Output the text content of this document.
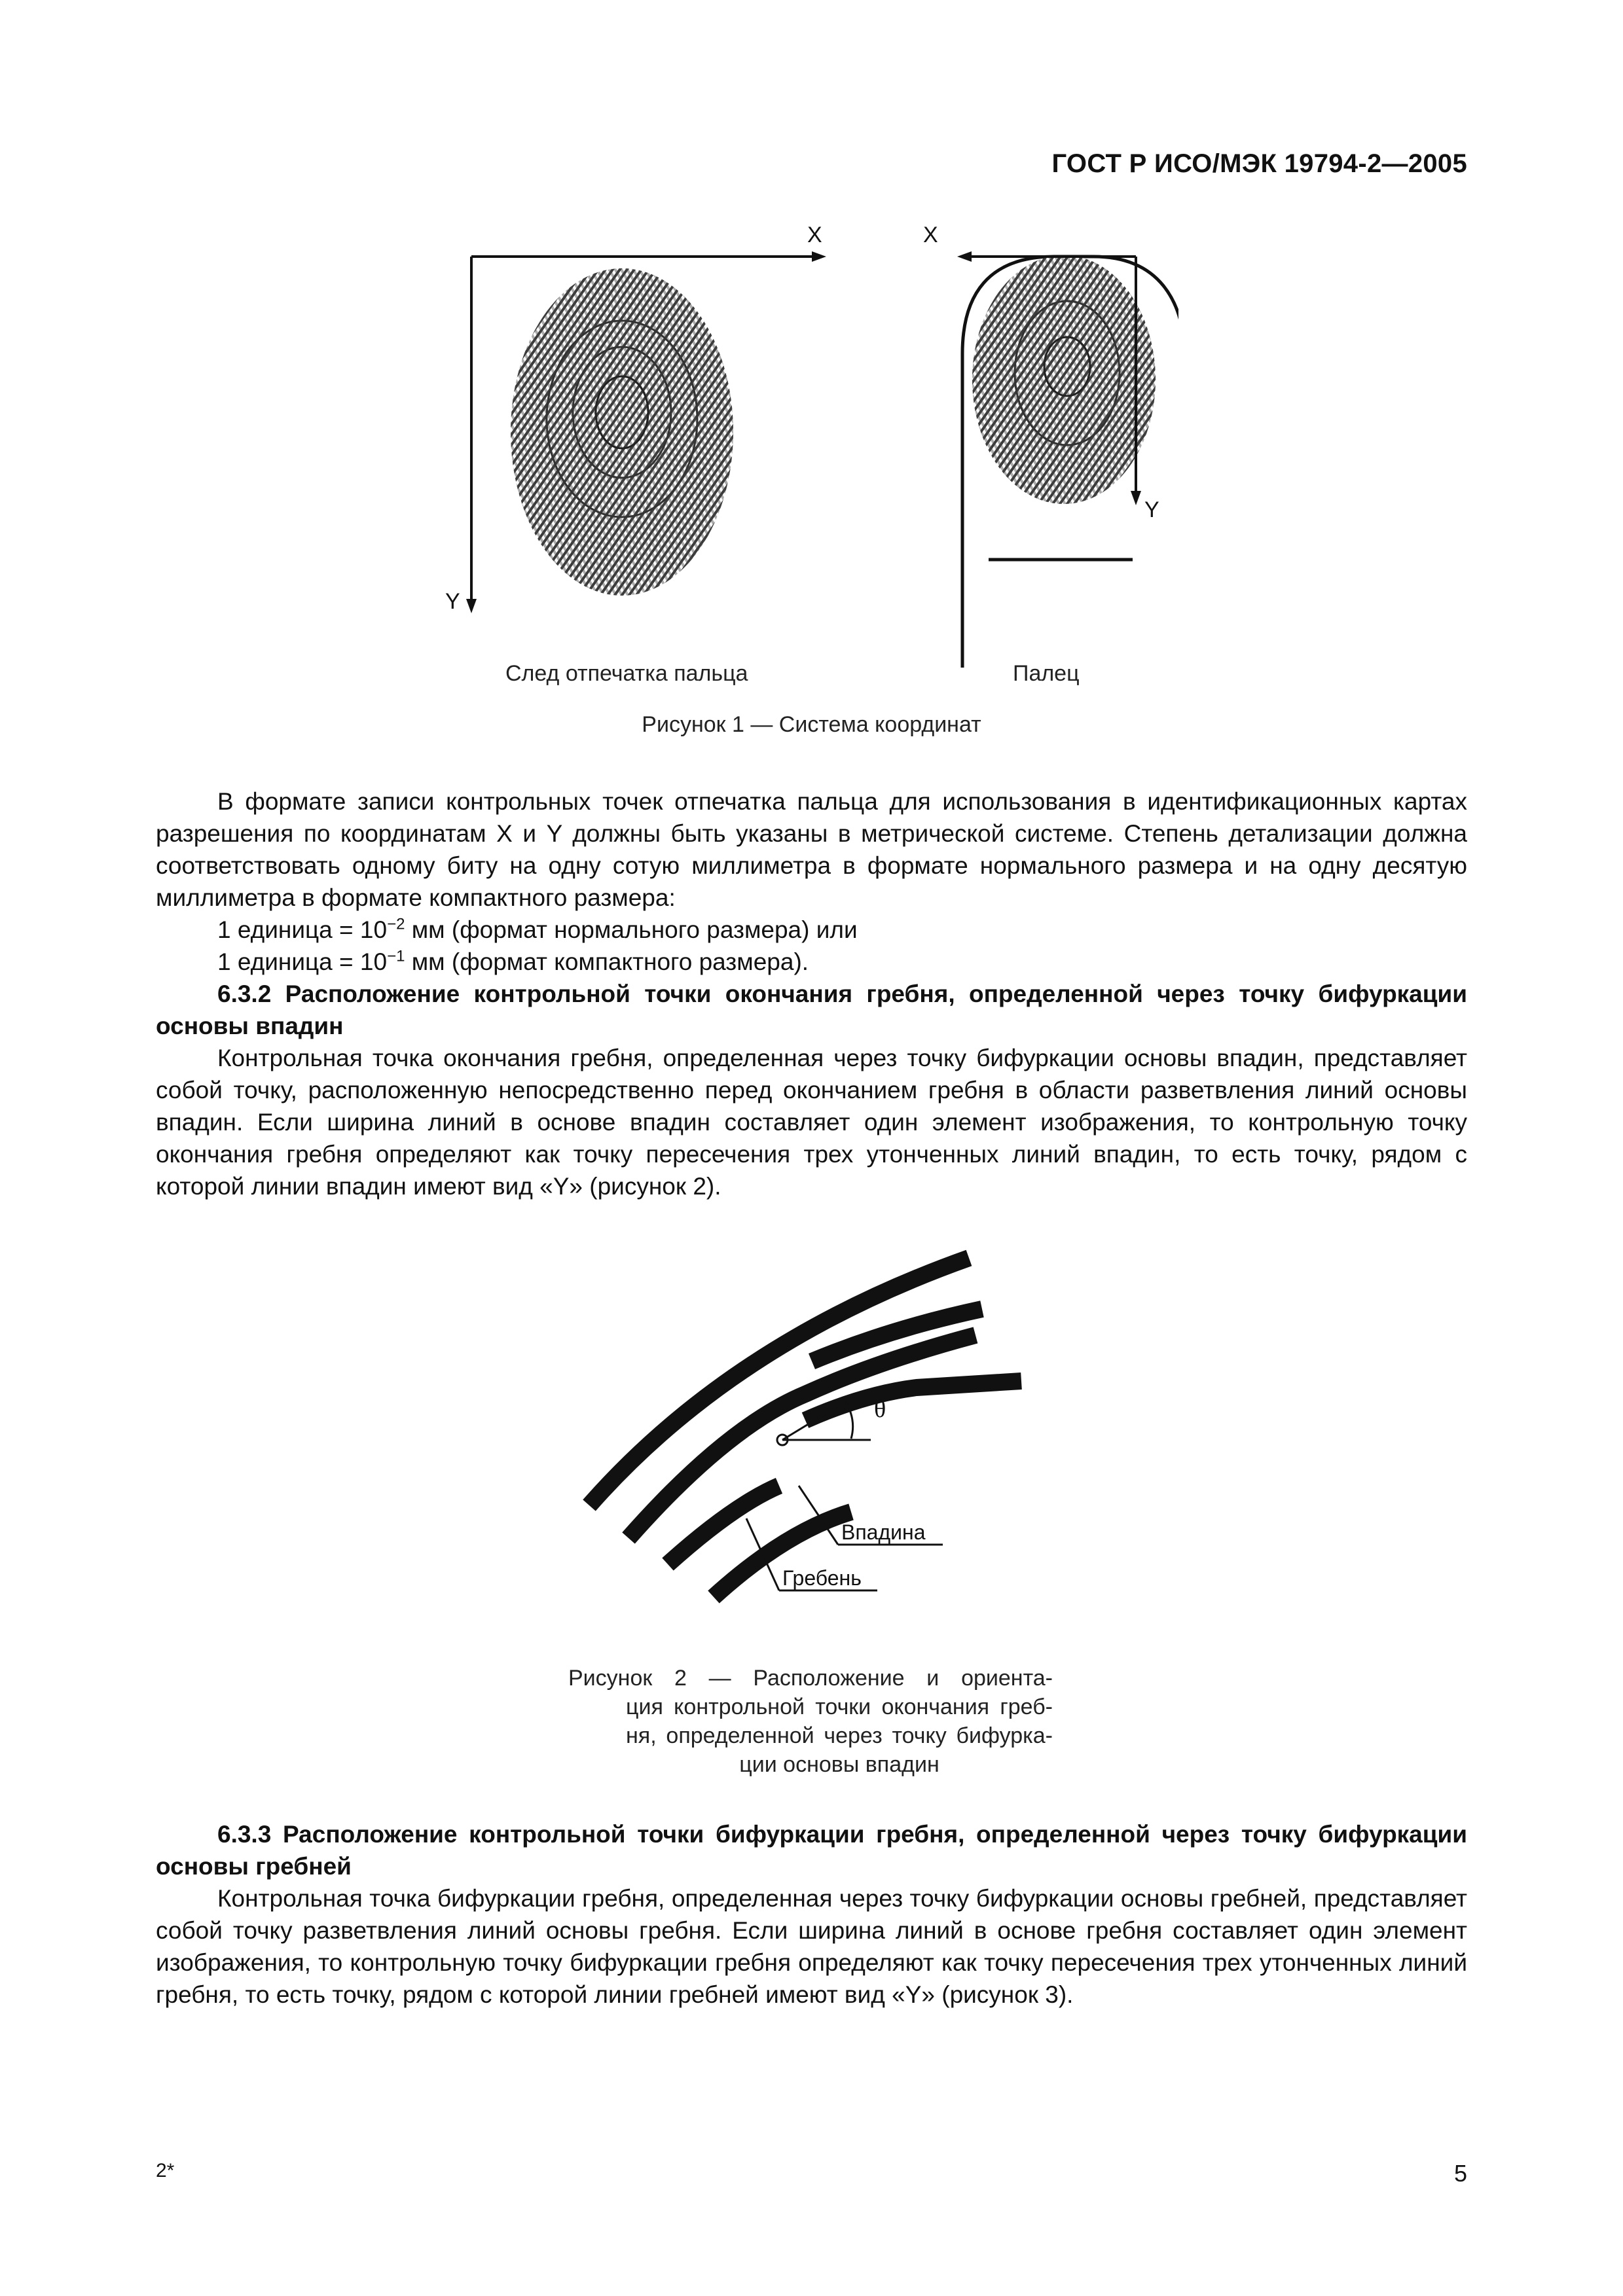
ГОСТ Р ИСО/МЭК 19794-2—2005
X
Y
X
Y
След отпечатка пальца	Палец
Рисунок 1 — Система координат

В формате записи контрольных точек отпечатка пальца для использования в идентификационных картах разрешения по координатам X и Y должны быть указаны в метрической системе. Степень детализации должна соответствовать одному биту на одну сотую миллиметра в формате нормального размера и на одну десятую миллиметра в формате компактного размера:

1 единица = $10^{-2}$ мм (формат нормального размера) или

1 единица = $10^{-1}$ мм (формат компактного размера).

6.3.2 Расположение контрольной точки окончания гребня, определенной через точку бифуркации основы впадин

Контрольная точка окончания гребня, определенная через точку бифуркации основы впадин, представляет собой точку, расположенную непосредственно перед окончанием гребня в области разветвления линий основы впадин. Если ширина линий в основе впадин составляет один элемент изображения, то контрольную точку окончания гребня определяют как точку пересечения трех утонченных линий впадин, то есть точку, рядом с которой линии впадин имеют вид «Y» (рисунок 2).

θ
Впадина
Гребень

Рисунок 2 — Расположение и ориента-

ция контрольной точки окончания греб-

ня, определенной через точку бифурка-

ции основы впадин

6.3.3 Расположение контрольной точки бифуркации гребня, определенной через точку бифуркации основы гребней

Контрольная точка бифуркации гребня, определенная через точку бифуркации основы гребней, представляет собой точку разветвления линий основы гребня. Если ширина линий в основе гребня составляет один элемент изображения, то контрольную точку бифуркации гребня определяют как точку пересечения трех утонченных линий гребня, то есть точку, рядом с которой линии гребней имеют вид «Y» (рисунок 3).

2*	5
